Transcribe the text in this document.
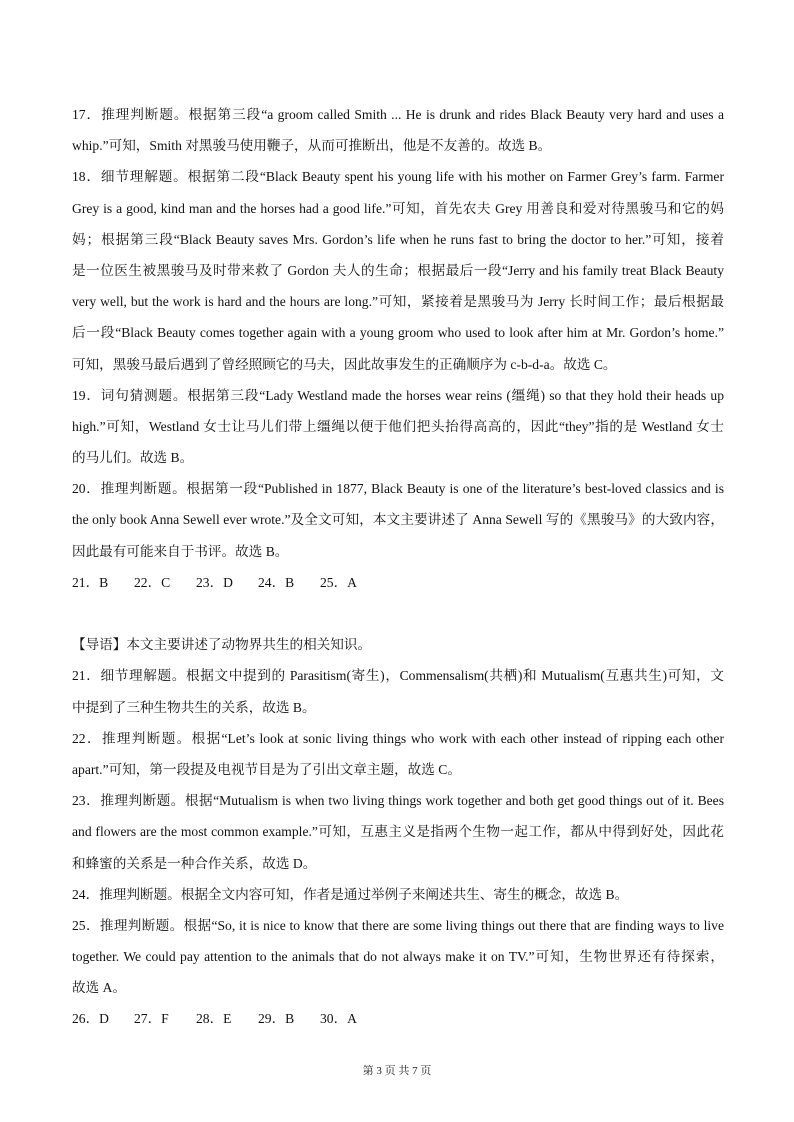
17．推理判断题。根据第三段“a groom called Smith ... He is drunk and rides Black Beauty very hard and uses a
whip.”可知，Smith 对黑骏马使用鞭子，从而可推断出，他是不友善的。故选 B。
18．细节理解题。根据第二段“Black Beauty spent his young life with his mother on Farmer Grey’s farm. Farmer
Grey is a good, kind man and the horses had a good life.”可知，首先农夫 Grey 用善良和爱对待黑骏马和它的妈
妈；根据第三段“Black Beauty saves Mrs. Gordon’s life when he runs fast to bring the doctor to her.”可知，接着
是一位医生被黑骏马及时带来救了 Gordon 夫人的生命；根据最后一段“Jerry and his family treat Black Beauty
very well, but the work is hard and the hours are long.”可知，紧接着是黑骏马为 Jerry 长时间工作；最后根据最
后一段“Black Beauty comes together again with a young groom who used to look after him at Mr. Gordon’s home.”
可知，黑骏马最后遇到了曾经照顾它的马夫，因此故事发生的正确顺序为 c-b-d-a。故选 C。
19．词句猜测题。根据第三段“Lady Westland made the horses wear reins (缰绳) so that they hold their heads up
high.”可知，Westland 女士让马儿们带上缰绳以便于他们把头抬得高高的，因此“they”指的是 Westland 女士
的马儿们。故选 B。
20．推理判断题。根据第一段“Published in 1877, Black Beauty is one of the literature’s best-loved classics and is
the only book Anna Sewell ever wrote.”及全文可知，本文主要讲述了 Anna Sewell 写的《黑骏马》的大致内容，
因此最有可能来自于书评。故选 B。
21．B	22．C	23．D	24．B	25．A
【导语】本文主要讲述了动物界共生的相关知识。
21．细节理解题。根据文中提到的 Parasitism(寄生)，Commensalism(共栖)和 Mutualism(互惠共生)可知，文
中提到了三种生物共生的关系，故选 B。
22．推理判断题。根据“Let’s look at sonic living things who work with each other instead of ripping each other
apart.”可知，第一段提及电视节目是为了引出文章主题，故选 C。
23．推理判断题。根据“Mutualism is when two living things work together and both get good things out of it. Bees
and flowers are the most common example.”可知，互惠主义是指两个生物一起工作，都从中得到好处，因此花
和蜂蜜的关系是一种合作关系，故选 D。
24．推理判断题。根据全文内容可知，作者是通过举例子来阐述共生、寄生的概念，故选 B。
25．推理判断题。根据“So, it is nice to know that there are some living things out there that are finding ways to live
together. We could pay attention to the animals that do not always make it on TV.”可知，生物世界还有待探索，
故选 A。
26．D	27．F	28．E	29．B	30．A
第 3 页 共 7 页
